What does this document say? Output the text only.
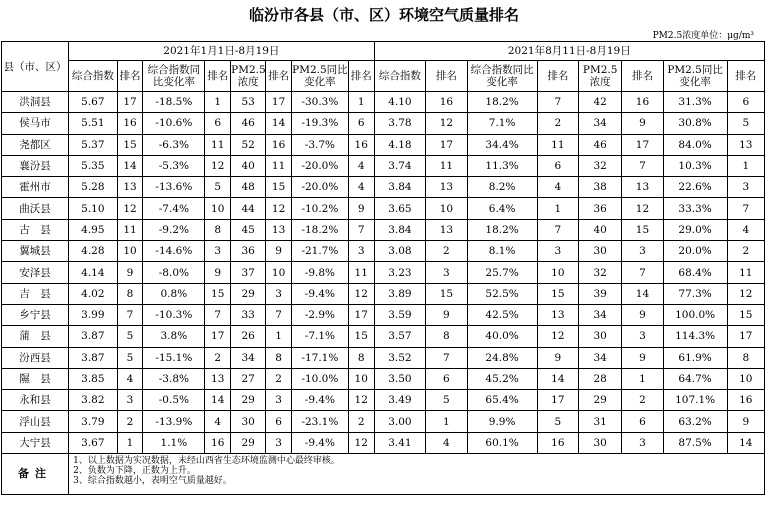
临汾市各县（市、区）环境空气质量排名
PM2.5浓度单位：μg/m³
县（市、区）	2021年1月1日-8月19日								2021年8月11日-8月19日							
	综合指数	排名	综合指数同比变化率	排名	PM2.5浓度	排名	PM2.5同比变化率	排名	综合指数	排名	综合指数同比变化率	排名	PM2.5浓度	排名	PM2.5同比变化率	排名
洪洞县	5.67	17	-18.5%	1	53	17	-30.3%	1	4.10	16	18.2%	7	42	16	31.3%	6
侯马市	5.51	16	-10.6%	6	46	14	-19.3%	6	3.78	12	7.1%	2	34	9	30.8%	5
尧都区	5.37	15	-6.3%	11	52	16	-3.7%	16	4.18	17	34.4%	11	46	17	84.0%	13
襄汾县	5.35	14	-5.3%	12	40	11	-20.0%	4	3.74	11	11.3%	6	32	7	10.3%	1
霍州市	5.28	13	-13.6%	5	48	15	-20.0%	4	3.84	13	8.2%	4	38	13	22.6%	3
曲沃县	5.10	12	-7.4%	10	44	12	-10.2%	9	3.65	10	6.4%	1	36	12	33.3%	7
古　县	4.95	11	-9.2%	8	45	13	-18.2%	7	3.84	13	18.2%	7	40	15	29.0%	4
翼城县	4.28	10	-14.6%	3	36	9	-21.7%	3	3.08	2	8.1%	3	30	3	20.0%	2
安泽县	4.14	9	-8.0%	9	37	10	-9.8%	11	3.23	3	25.7%	10	32	7	68.4%	11
吉　县	4.02	8	0.8%	15	29	3	-9.4%	12	3.89	15	52.5%	15	39	14	77.3%	12
乡宁县	3.99	7	-10.3%	7	33	7	-2.9%	17	3.59	9	42.5%	13	34	9	100.0%	15
蒲　县	3.87	5	3.8%	17	26	1	-7.1%	15	3.57	8	40.0%	12	30	3	114.3%	17
汾西县	3.87	5	-15.1%	2	34	8	-17.1%	8	3.52	7	24.8%	9	34	9	61.9%	8
隰　县	3.85	4	-3.8%	13	27	2	-10.0%	10	3.50	6	45.2%	14	28	1	64.7%	10
永和县	3.82	3	-0.5%	14	29	3	-9.4%	12	3.49	5	65.4%	17	29	2	107.1%	16
浮山县	3.79	2	-13.9%	4	30	6	-23.1%	2	3.00	1	9.9%	5	31	6	63.2%	9
大宁县	3.67	1	1.1%	16	29	3	-9.4%	12	3.41	4	60.1%	16	30	3	87.5%	14
备注	1、以上数据为实况数据，未经山西省生态环境监测中心最终审核。
2、负数为下降，正数为上升。
3、综合指数越小，表明空气质量越好。															
